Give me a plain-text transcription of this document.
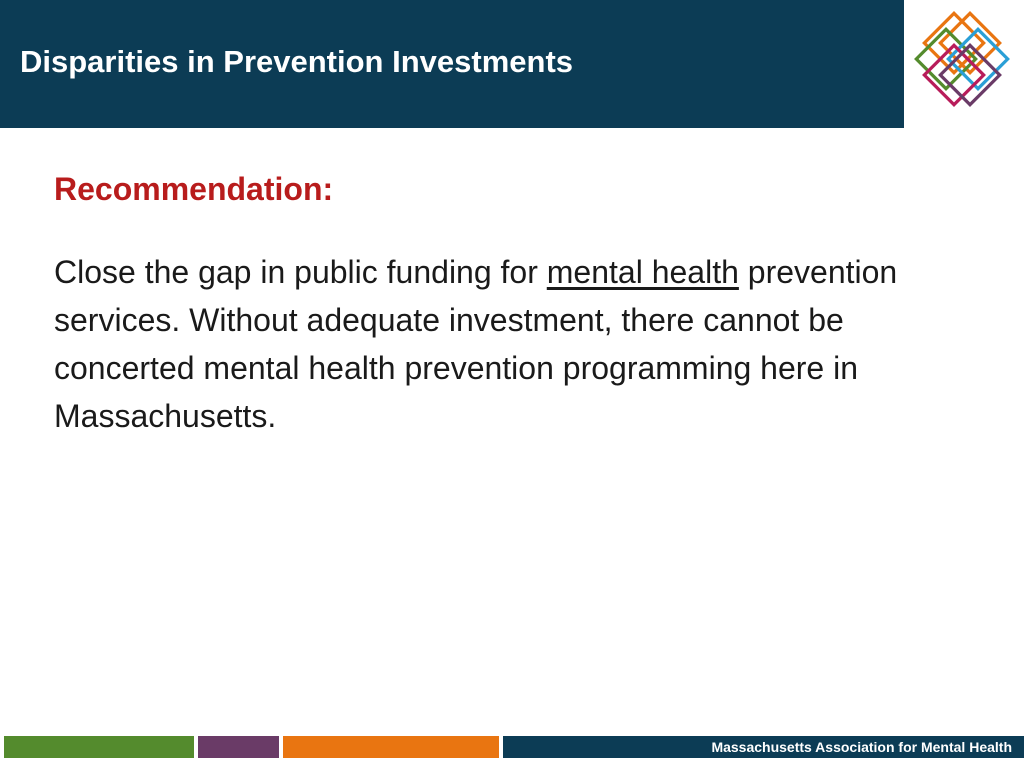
Disparities in Prevention Investments
Recommendation:
Close the gap in public funding for mental health prevention services. Without adequate investment, there cannot be concerted mental health prevention programming here in Massachusetts.
Massachusetts Association for Mental Health
